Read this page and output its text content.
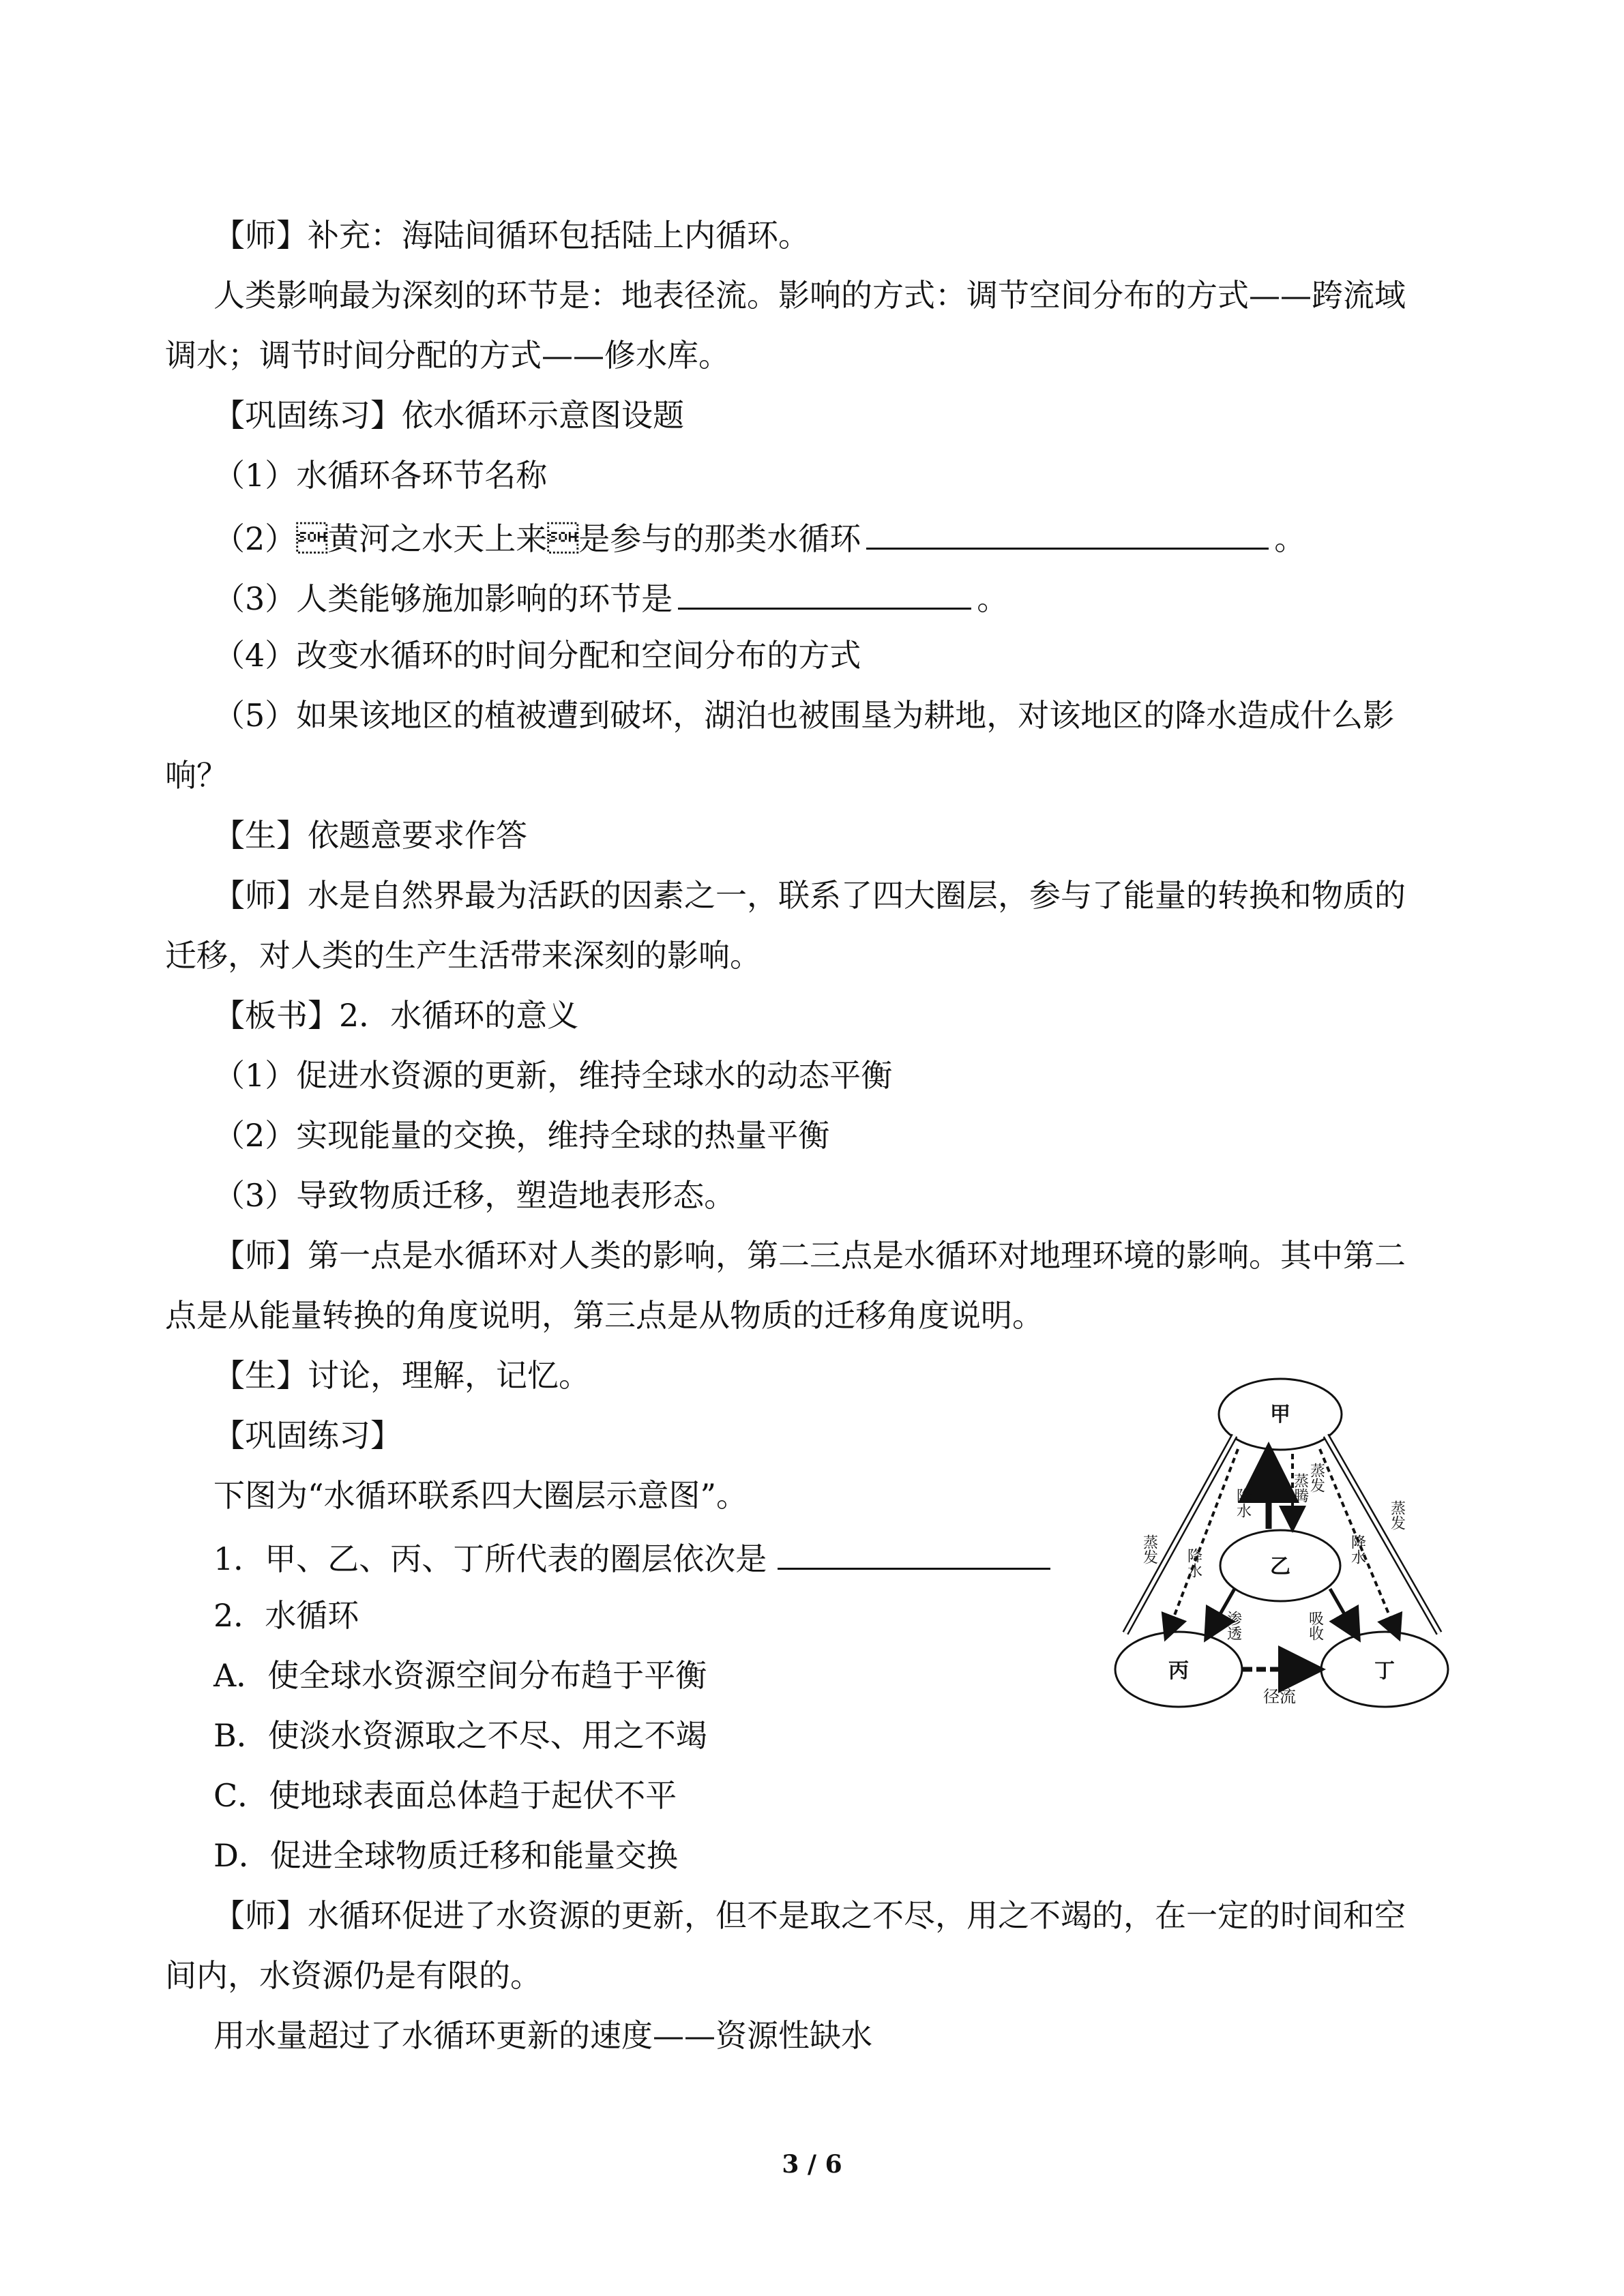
【师】补充：海陆间循环包括陆上内循环。
人类影响最为深刻的环节是：地表径流。影响的方式：调节空间分布的方式——跨流域
调水；调节时间分配的方式——修水库。
【巩固练习】依水循环示意图设题
（1）水循环各环节名称
（2）黄河之水天上来是参与的那类水循环	。
（3）人类能够施加影响的环节是	。
（4）改变水循环的时间分配和空间分布的方式
（5）如果该地区的植被遭到破坏，湖泊也被围垦为耕地，对该地区的降水造成什么影
响？
【生】依题意要求作答
【师】水是自然界最为活跃的因素之一，联系了四大圈层，参与了能量的转换和物质的
迁移，对人类的生产生活带来深刻的影响。
【板书】2．水循环的意义
（1）促进水资源的更新，维持全球水的动态平衡
（2）实现能量的交换，维持全球的热量平衡
（3）导致物质迁移，塑造地表形态。
【师】第一点是水循环对人类的影响，第二三点是水循环对地理环境的影响。其中第二
点是从能量转换的角度说明，第三点是从物质的迁移角度说明。
【生】讨论，理解，记忆。
【巩固练习】
下图为“水循环联系四大圈层示意图”。
1．甲、乙、丙、丁所代表的圈层依次是
2．水循环
A．使全球水资源空间分布趋于平衡
B．使淡水资源取之不尽、用之不竭
C．使地球表面总体趋于起伏不平
D．促进全球物质迁移和能量交换
【师】水循环促进了水资源的更新，但不是取之不尽，用之不竭的，在一定的时间和空
间内，水资源仍是有限的。
用水量超过了水循环更新的速度——资源性缺水
甲
乙
丙	丁
降水	蒸腾 蒸发
径流
蒸发 降水
蒸发
降水
渗透	吸收
3 / 6
